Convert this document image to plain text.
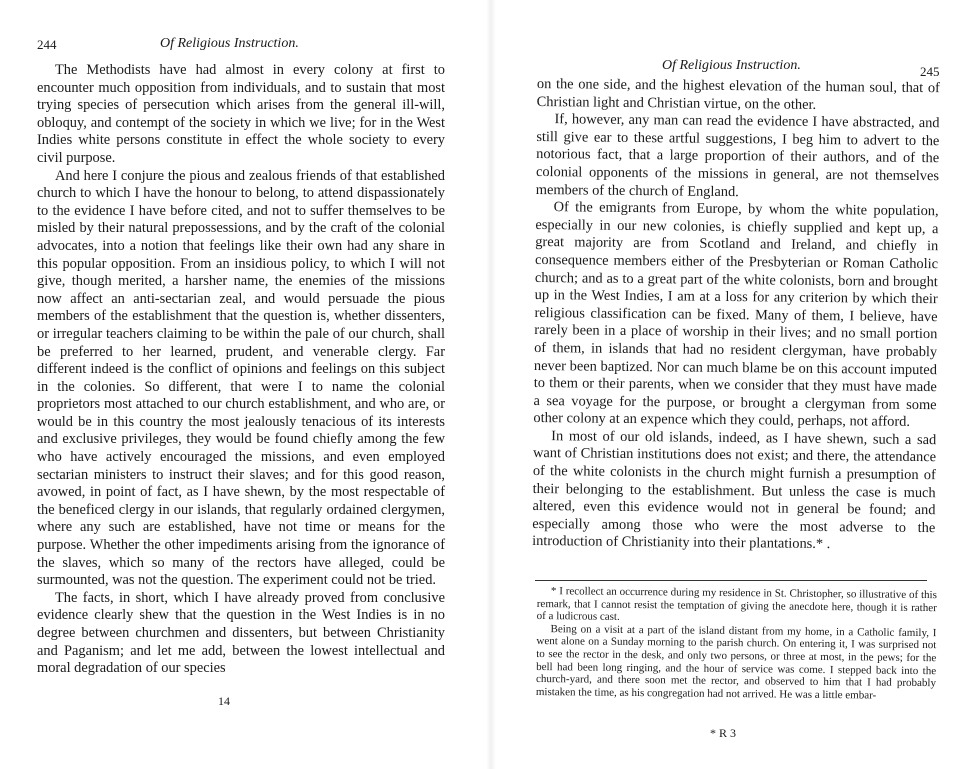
244	Of Religious Instruction.

The Methodists have had almost in every colony at first to encounter much opposition from individuals, and to sustain that most trying species of persecution which arises from the general ill-will, obloquy, and contempt of the society in which we live; for in the West Indies white persons constitute in effect the whole society to every civil purpose.

And here I conjure the pious and zealous friends of that established church to which I have the honour to belong, to attend dispassionately to the evidence I have before cited, and not to suffer themselves to be misled by their natural prepossessions, and by the craft of the colonial advocates, into a notion that feelings like their own had any share in this popular opposition. From an insidious policy, to which I will not give, though merited, a harsher name, the enemies of the missions now affect an anti-sectarian zeal, and would persuade the pious members of the establishment that the question is, whether dissenters, or irregular teachers claiming to be within the pale of our church, shall be preferred to her learned, prudent, and venerable clergy. Far different indeed is the conflict of opinions and feelings on this subject in the colonies. So different, that were I to name the colonial proprietors most attached to our church establishment, and who are, or would be in this country the most jealously tenacious of its interests and exclusive privileges, they would be found chiefly among the few who have actively encouraged the missions, and even employed sectarian ministers to instruct their slaves; and for this good reason, avowed, in point of fact, as I have shewn, by the most respectable of the beneficed clergy in our islands, that regularly ordained clergymen, where any such are established, have not time or means for the purpose. Whether the other impediments arising from the ignorance of the slaves, which so many of the rectors have alleged, could be surmounted, was not the question. The experiment could not be tried.

The facts, in short, which I have already proved from conclusive evidence clearly shew that the question in the West Indies is in no degree between churchmen and dissenters, but between Christianity and Paganism; and let me add, between the lowest intellectual and moral degradation of our species

14
Of Religious Instruction.	245

on the one side, and the highest elevation of the human soul, that of Christian light and Christian virtue, on the other.

If, however, any man can read the evidence I have abstracted, and still give ear to these artful suggestions, I beg him to advert to the notorious fact, that a large proportion of their authors, and of the colonial opponents of the missions in general, are not themselves members of the church of England.

Of the emigrants from Europe, by whom the white population, especially in our new colonies, is chiefly supplied and kept up, a great majority are from Scotland and Ireland, and chiefly in consequence members either of the Presbyterian or Roman Catholic church; and as to a great part of the white colonists, born and brought up in the West Indies, I am at a loss for any criterion by which their religious classification can be fixed. Many of them, I believe, have rarely been in a place of worship in their lives; and no small portion of them, in islands that had no resident clergyman, have probably never been baptized. Nor can much blame be on this account imputed to them or their parents, when we consider that they must have made a sea voyage for the purpose, or brought a clergyman from some other colony at an expence which they could, perhaps, not afford.

In most of our old islands, indeed, as I have shewn, such a sad want of Christian institutions does not exist; and there, the attendance of the white colonists in the church might furnish a presumption of their belonging to the establishment. But unless the case is much altered, even this evidence would not in general be found; and especially among those who were the most adverse to the introduction of Christianity into their plantations.* .

* I recollect an occurrence during my residence in St. Christopher, so illustrative of this remark, that I cannot resist the temptation of giving the anecdote here, though it is rather of a ludicrous cast.

Being on a visit at a part of the island distant from my home, in a Catholic family, I went alone on a Sunday morning to the parish church. On entering it, I was surprised not to see the rector in the desk, and only two persons, or three at most, in the pews; for the bell had been long ringing, and the hour of service was come. I stepped back into the church-yard, and there soon met the rector, and observed to him that I had probably mistaken the time, as his congregation had not arrived. He was a little embar-

* R 3
